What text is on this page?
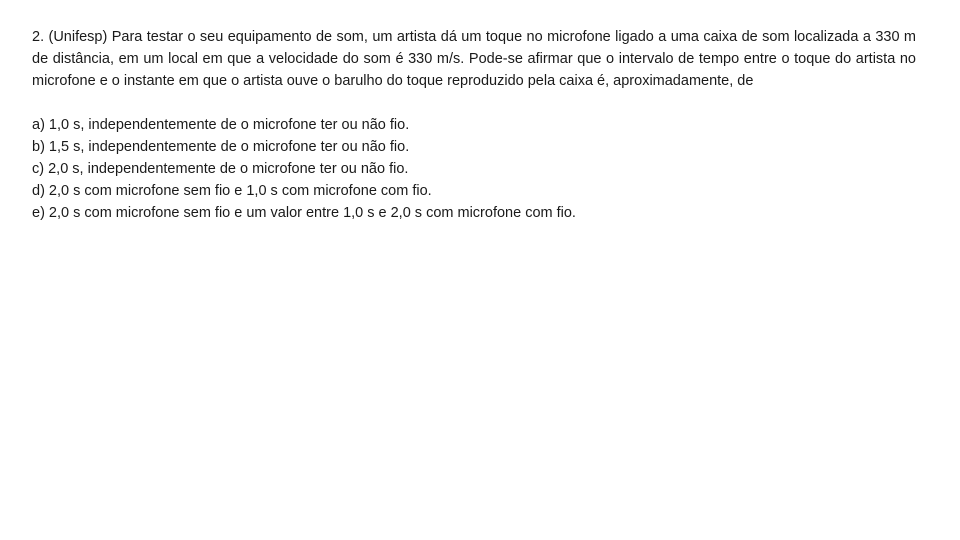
2. (Unifesp) Para testar o seu equipamento de som, um artista dá um toque no microfone ligado a uma caixa de som localizada a 330 m de distância, em um local em que a velocidade do som é 330 m/s. Pode-se afirmar que o intervalo de tempo entre o toque do artista no microfone e o instante em que o artista ouve o barulho do toque reproduzido pela caixa é, aproximadamente, de

a) 1,0 s, independentemente de o microfone ter ou não fio.
b) 1,5 s, independentemente de o microfone ter ou não fio.
c) 2,0 s, independentemente de o microfone ter ou não fio.
d) 2,0 s com microfone sem fio e 1,0 s com microfone com fio.
e) 2,0 s com microfone sem fio e um valor entre 1,0 s e 2,0 s com microfone com fio.
